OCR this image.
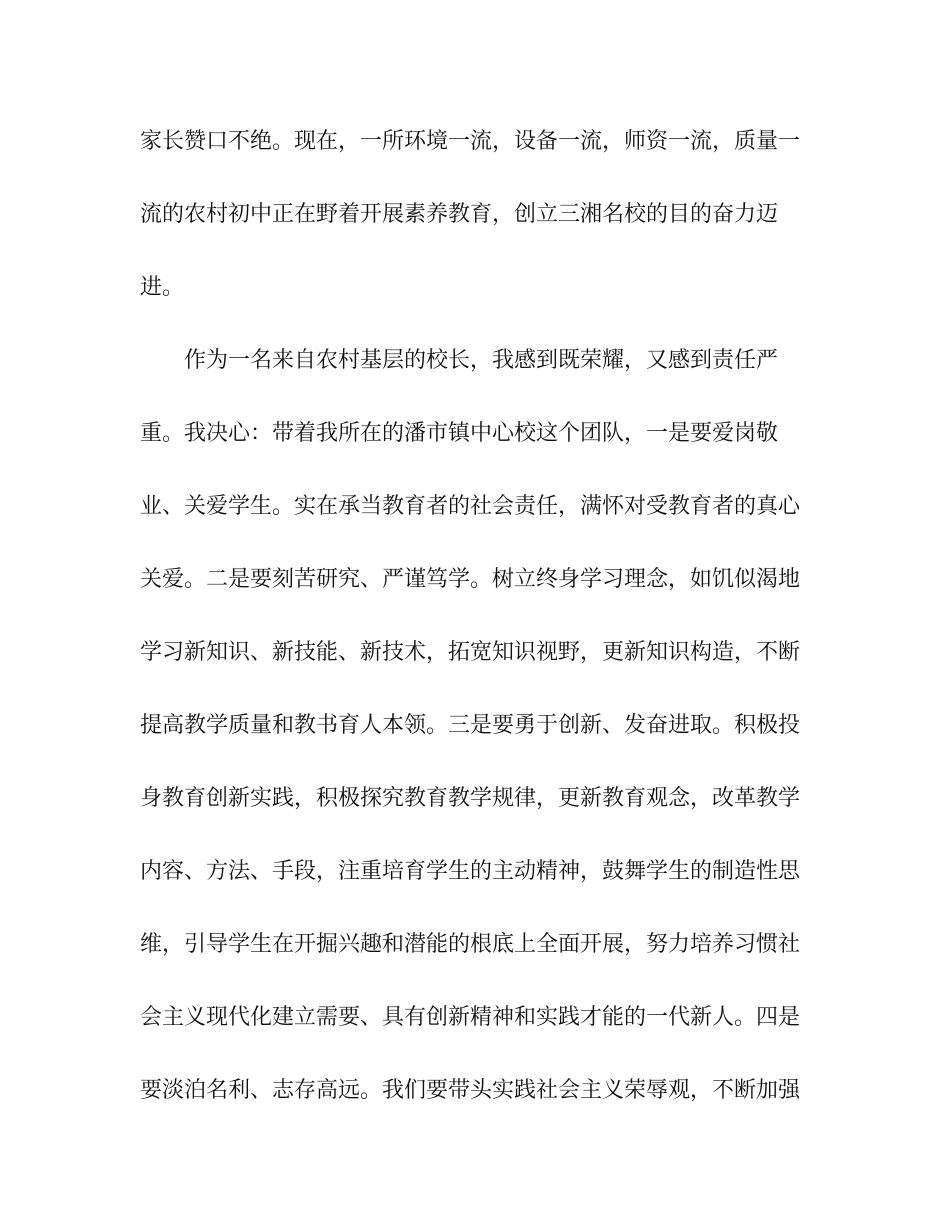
家长赞口不绝。现在，一所环境一流，设备一流，师资一流，质量一

流的农村初中正在野着开展素养教育，创立三湘名校的目的奋力迈

进。

作为一名来自农村基层的校长，我感到既荣耀，又感到责任严

重。我决心：带着我所在的潘市镇中心校这个团队，一是要爱岗敬

业、关爱学生。实在承当教育者的社会责任，满怀对受教育者的真心

关爱。二是要刻苦研究、严谨笃学。树立终身学习理念，如饥似渴地

学习新知识、新技能、新技术，拓宽知识视野，更新知识构造，不断

提高教学质量和教书育人本领。三是要勇于创新、发奋进取。积极投

身教育创新实践，积极探究教育教学规律，更新教育观念，改革教学

内容、方法、手段，注重培育学生的主动精神，鼓舞学生的制造性思

维，引导学生在开掘兴趣和潜能的根底上全面开展，努力培养习惯社

会主义现代化建立需要、具有创新精神和实践才能的一代新人。四是

要淡泊名利、志存高远。我们要带头实践社会主义荣辱观，不断加强
